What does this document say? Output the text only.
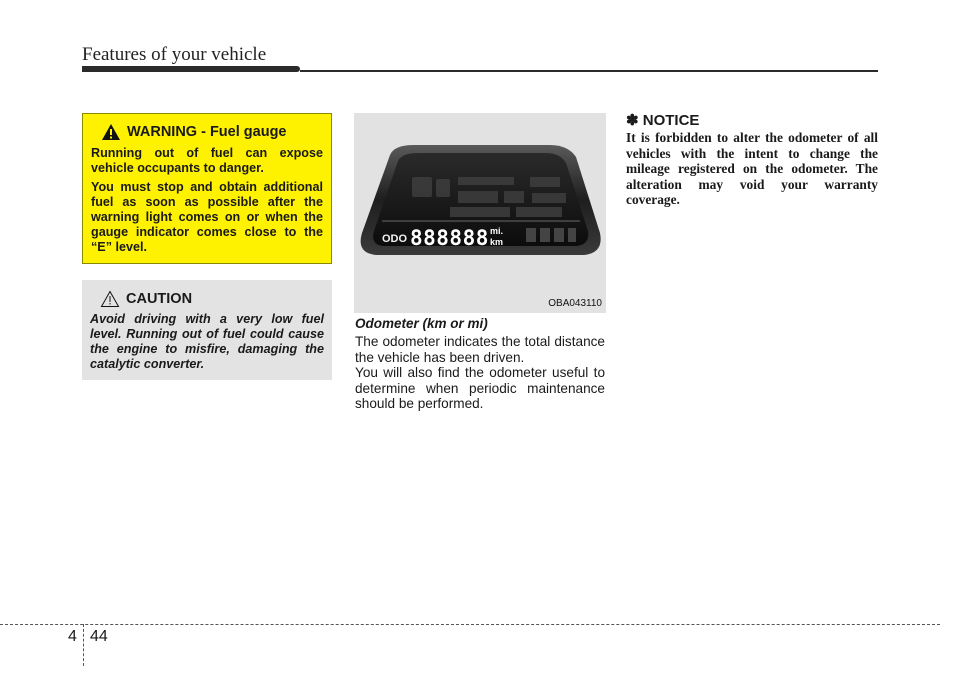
Features of your vehicle
WARNING - Fuel gauge

Running out of fuel can expose vehicle occupants to danger.

You must stop and obtain additional fuel as soon as possible after the warning light comes on or when the gauge indicator comes close to the “E” level.

CAUTION

Avoid driving with a very low fuel level. Running out of fuel could cause the engine to misfire, damaging the catalytic converter.

ODO 888888 mi.
km
OBA043110
Odometer (km or mi)

The odometer indicates the total distance the vehicle has been driven.

You will also find the odometer useful to determine when periodic maintenance should be performed.

✽ NOTICE

It is forbidden to alter the odometer of all vehicles with the intent to change the mileage registered on the odometer. The alteration may void your warranty coverage.

4 44
